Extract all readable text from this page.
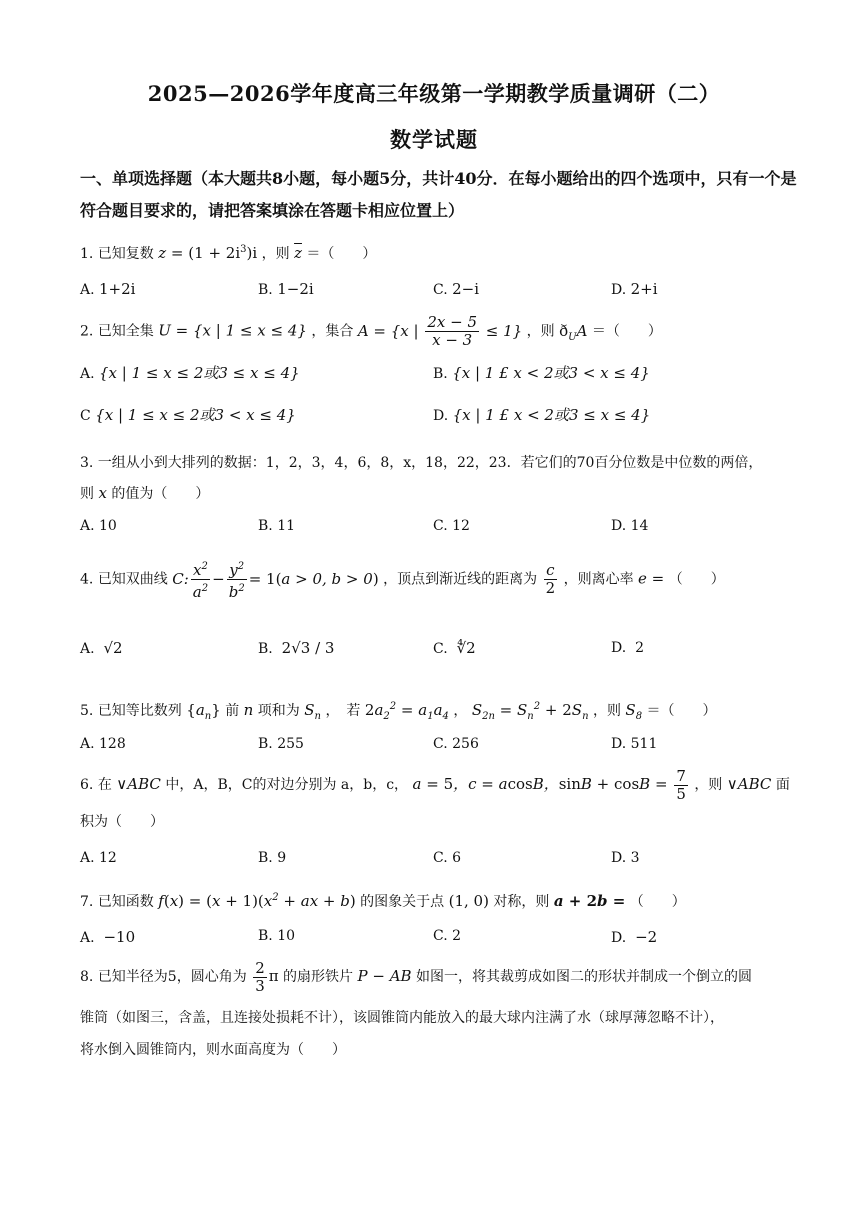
2025—2026学年度高三年级第一学期教学质量调研（二）
数学试题
一、单项选择题（本大题共8小题，每小题5分，共计40分．在每小题给出的四个选项中，只有一个是符合题目要求的，请把答案填涂在答题卡相应位置上）
1. 已知复数 $z = (1 + 2i^3)i$ ，则 $\overline{z}$ ＝（　　）
A. 1+2i	B. 1−2i	C. 2−i	D. 2+i
2. 已知全集 U = {x | 1 ≤ x ≤ 4} ，集合 A = {x | $\frac{2x - 5}{x - 3} \le 1$} ，则 $ð_UA$ ＝（　　）
A. {x | 1 ≤ x ≤ 2或3 ≤ x ≤ 4}	B. {x | 1 £ x < 2或3 < x ≤ 4}
C {x | 1 ≤ x ≤ 2或3 < x ≤ 4}	D. {x | 1 £ x < 2或3 ≤ x ≤ 4}
3. 一组从小到大排列的数据：1，2，3，4，6，8，x，18，22，23．若它们的70百分位数是中位数的两倍，
则 x 的值为（　　）
A. 10	B. 11	C. 12	D. 14
4. 已知双曲线 C: $\frac{x^2}{a^2} - \frac{y^2}{b^2} = 1(a > 0$, b > 0) ，顶点到渐近线的距离为 $\frac{c}{2}$ ，则离心率 e = （　　）
A. √2	B. 2√3 / 3	C. ∜2	D. 2
5. 已知等比数列 $\{a_n\}$ 前 n 项和为 $S_n$ ，　若 $2a_2^2 = a_1a_4$ ， $S_{2n} = S_n^2 + 2S_n$ ，则 $S_8$ ＝（　　）
A. 128	B. 255	C. 256	D. 511
6. 在 ∨ABC 中，A，B，C的对边分别为 a，b，c， a = 5，c = acosB，$\sin B + \cos B = \frac{7}{5}$ ，则 ∨ABC 面
积为（　　）
A. 12	B. 9	C. 6	D. 3
7. 已知函数 $f(x) = (x + 1)(x^2$ + ax + b) 的图象关于点 (1, 0) 对称，则 a + 2b = （　　）
A. −10	B. 10	C. 2	D. −2
8. 已知半径为5，圆心角为 $\frac{2}{3}$ π 的扇形铁片 P − AB 如图一，将其裁剪成如图二的形状并制成一个倒立的圆
锥筒（如图三，含盖，且连接处损耗不计），该圆锥筒内能放入的最大球内注满了水（球厚薄忽略不计），
将水倒入圆锥筒内，则水面高度为（　　）
